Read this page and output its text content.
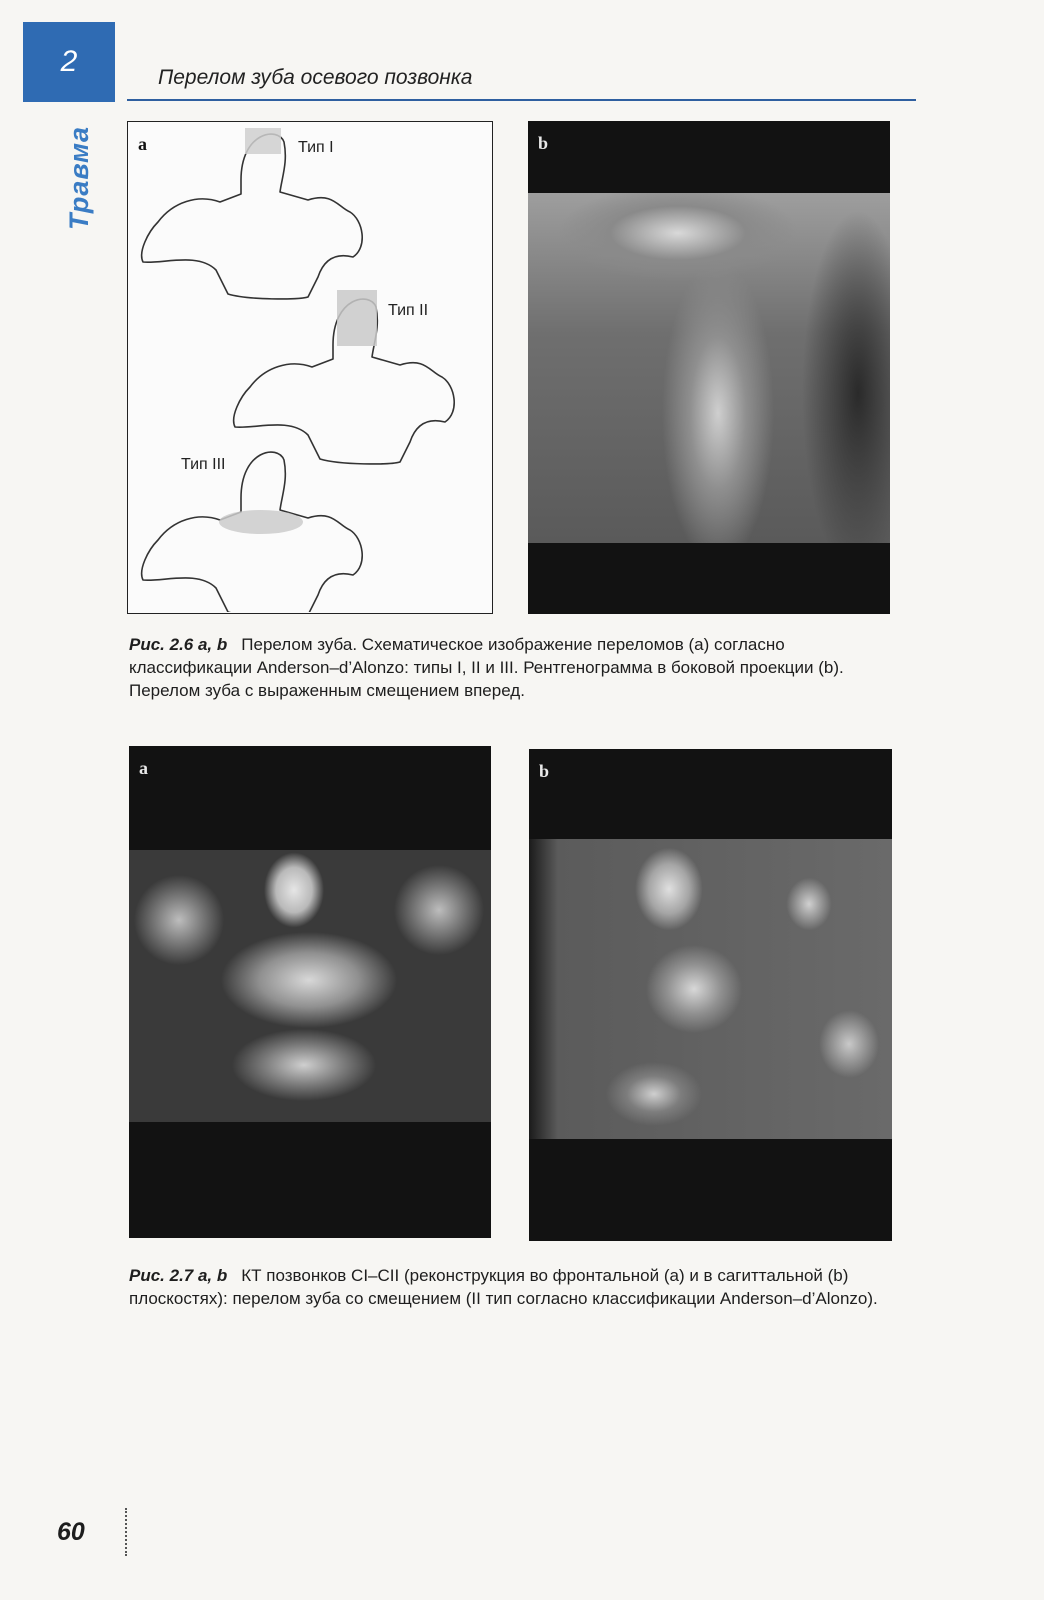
2
Травма
Перелом зуба осевого позвонка
a	Тип I
Тип II
Тип III
b
Рис. 2.6 a, b Перелом зуба. Схематическое изображение переломов (a) согласно классификации Anderson–d’Alonzo: типы I, II и III. Рентгенограмма в боковой проекции (b). Перелом зуба с выраженным смещением вперед.
a	b
Рис. 2.7 a, b КТ позвонков CI–CII (реконструкция во фронтальной (a) и в сагиттальной (b) плоскостях): перелом зуба со смещением (II тип согласно классификации Anderson–d’Alonzo).
60
